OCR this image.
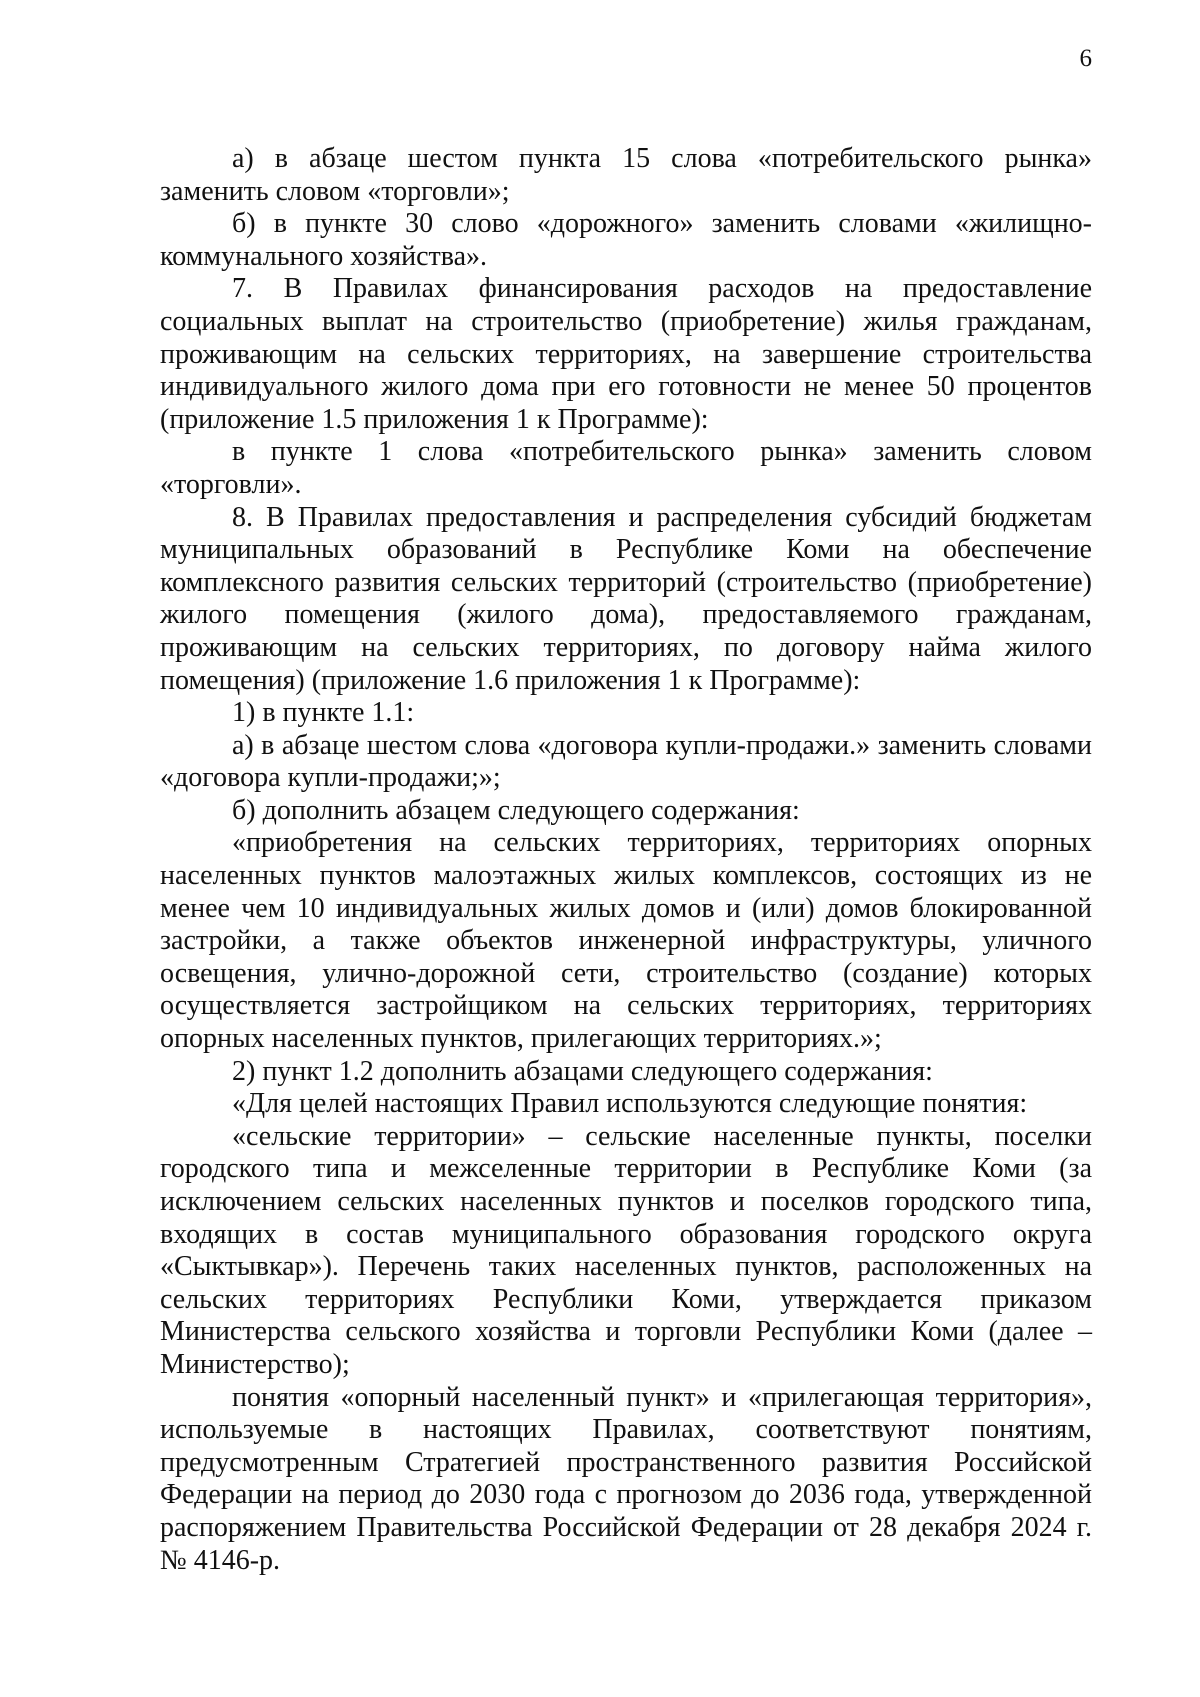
6

а) в абзаце шестом пункта 15 слова «потребительского рынка» заменить словом «торговли»;

б) в пункте 30 слово «дорожного» заменить словами «жилищно-коммунального хозяйства».

7. В Правилах финансирования расходов на предоставление социальных выплат на строительство (приобретение) жилья гражданам, проживающим на сельских территориях, на завершение строительства индивидуального жилого дома при его готовности не менее 50 процентов (приложение 1.5 приложения 1 к Программе):

в пункте 1 слова «потребительского рынка» заменить словом «торговли».

8. В Правилах предоставления и распределения субсидий бюджетам муниципальных образований в Республике Коми на обеспечение комплексного развития сельских территорий (строительство (приобретение) жилого помещения (жилого дома), предоставляемого гражданам, проживающим на сельских территориях, по договору найма жилого помещения) (приложение 1.6 приложения 1 к Программе):

1) в пункте 1.1:

а) в абзаце шестом слова «договора купли-продажи.» заменить словами «договора купли-продажи;»;

б) дополнить абзацем следующего содержания:

«приобретения на сельских территориях, территориях опорных населенных пунктов малоэтажных жилых комплексов, состоящих из не менее чем 10 индивидуальных жилых домов и (или) домов блокированной застройки, а также объектов инженерной инфраструктуры, уличного освещения, улично-дорожной сети, строительство (создание) которых осуществляется застройщиком на сельских территориях, территориях опорных населенных пунктов, прилегающих территориях.»;

2) пункт 1.2 дополнить абзацами следующего содержания:

«Для целей настоящих Правил используются следующие понятия:

«сельские территории» – сельские населенные пункты, поселки городского типа и межселенные территории в Республике Коми (за исключением сельских населенных пунктов и поселков городского типа, входящих в состав муниципального образования городского округа «Сыктывкар»). Перечень таких населенных пунктов, расположенных на сельских территориях Республики Коми, утверждается приказом Министерства сельского хозяйства и торговли Республики Коми (далее – Министерство);

понятия «опорный населенный пункт» и «прилегающая территория», используемые в настоящих Правилах, соответствуют понятиям, предусмотренным Стратегией пространственного развития Российской Федерации на период до 2030 года с прогнозом до 2036 года, утвержденной распоряжением Правительства Российской Федерации от 28 декабря 2024 г. № 4146-р.
